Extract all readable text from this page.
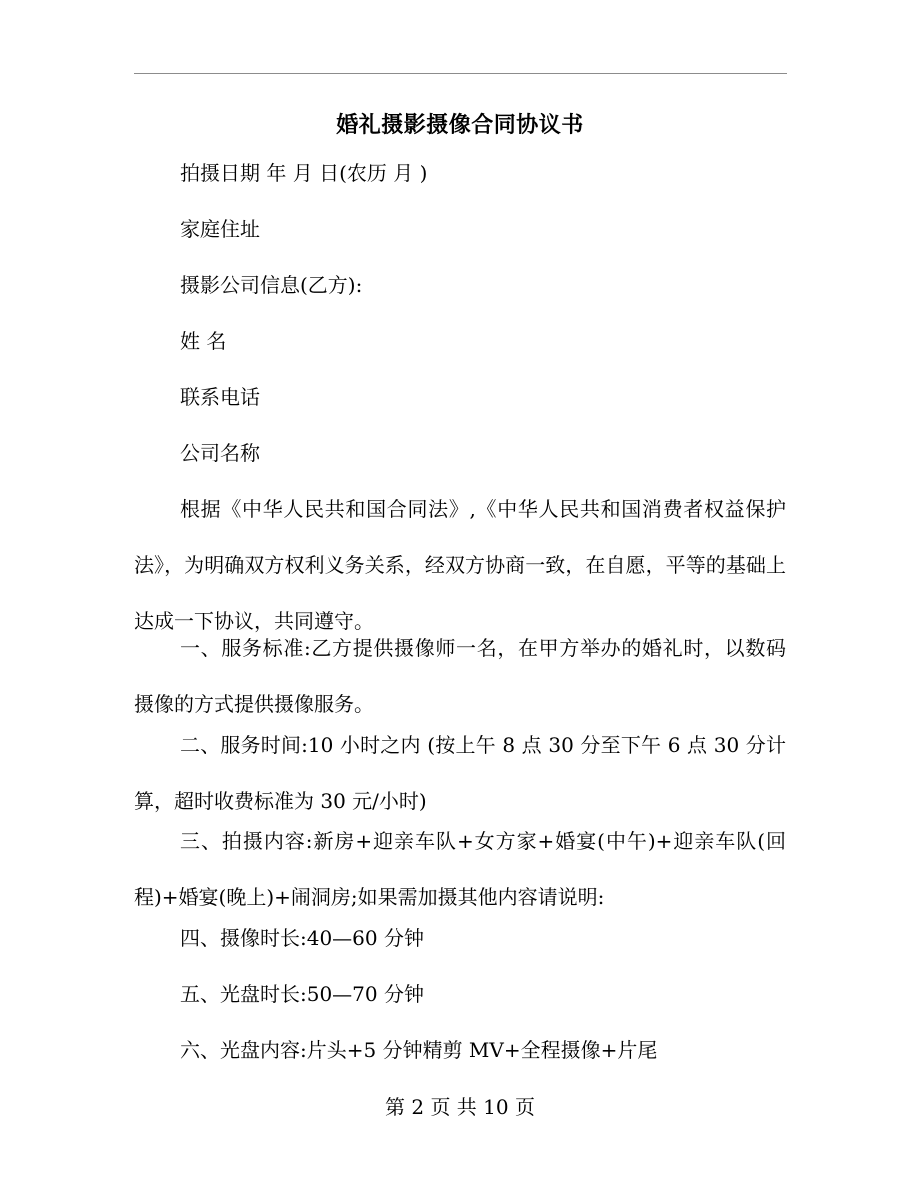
婚礼摄影摄像合同协议书
拍摄日期 年 月 日(农历 月 )
家庭住址
摄影公司信息(乙方):
姓 名
联系电话
公司名称

根据《中华人民共和国合同法》,《中华人民共和国消费者权益保护法》，为明确双方权利义务关系，经双方协商一致，在自愿，平等的基础上达成一下协议，共同遵守。

一、服务标准:乙方提供摄像师一名，在甲方举办的婚礼时，以数码摄像的方式提供摄像服务。

二、服务时间:10 小时之内 (按上午 8 点 30 分至下午 6 点 30 分计算，超时收费标准为 30 元/小时)

三、拍摄内容:新房+迎亲车队+女方家+婚宴(中午)+迎亲车队(回程)+婚宴(晚上)+闹洞房;如果需加摄其他内容请说明:

四、摄像时长:40—60 分钟

五、光盘时长:50—70 分钟

六、光盘内容:片头+5 分钟精剪 MV+全程摄像+片尾

第 2 页 共 10 页
